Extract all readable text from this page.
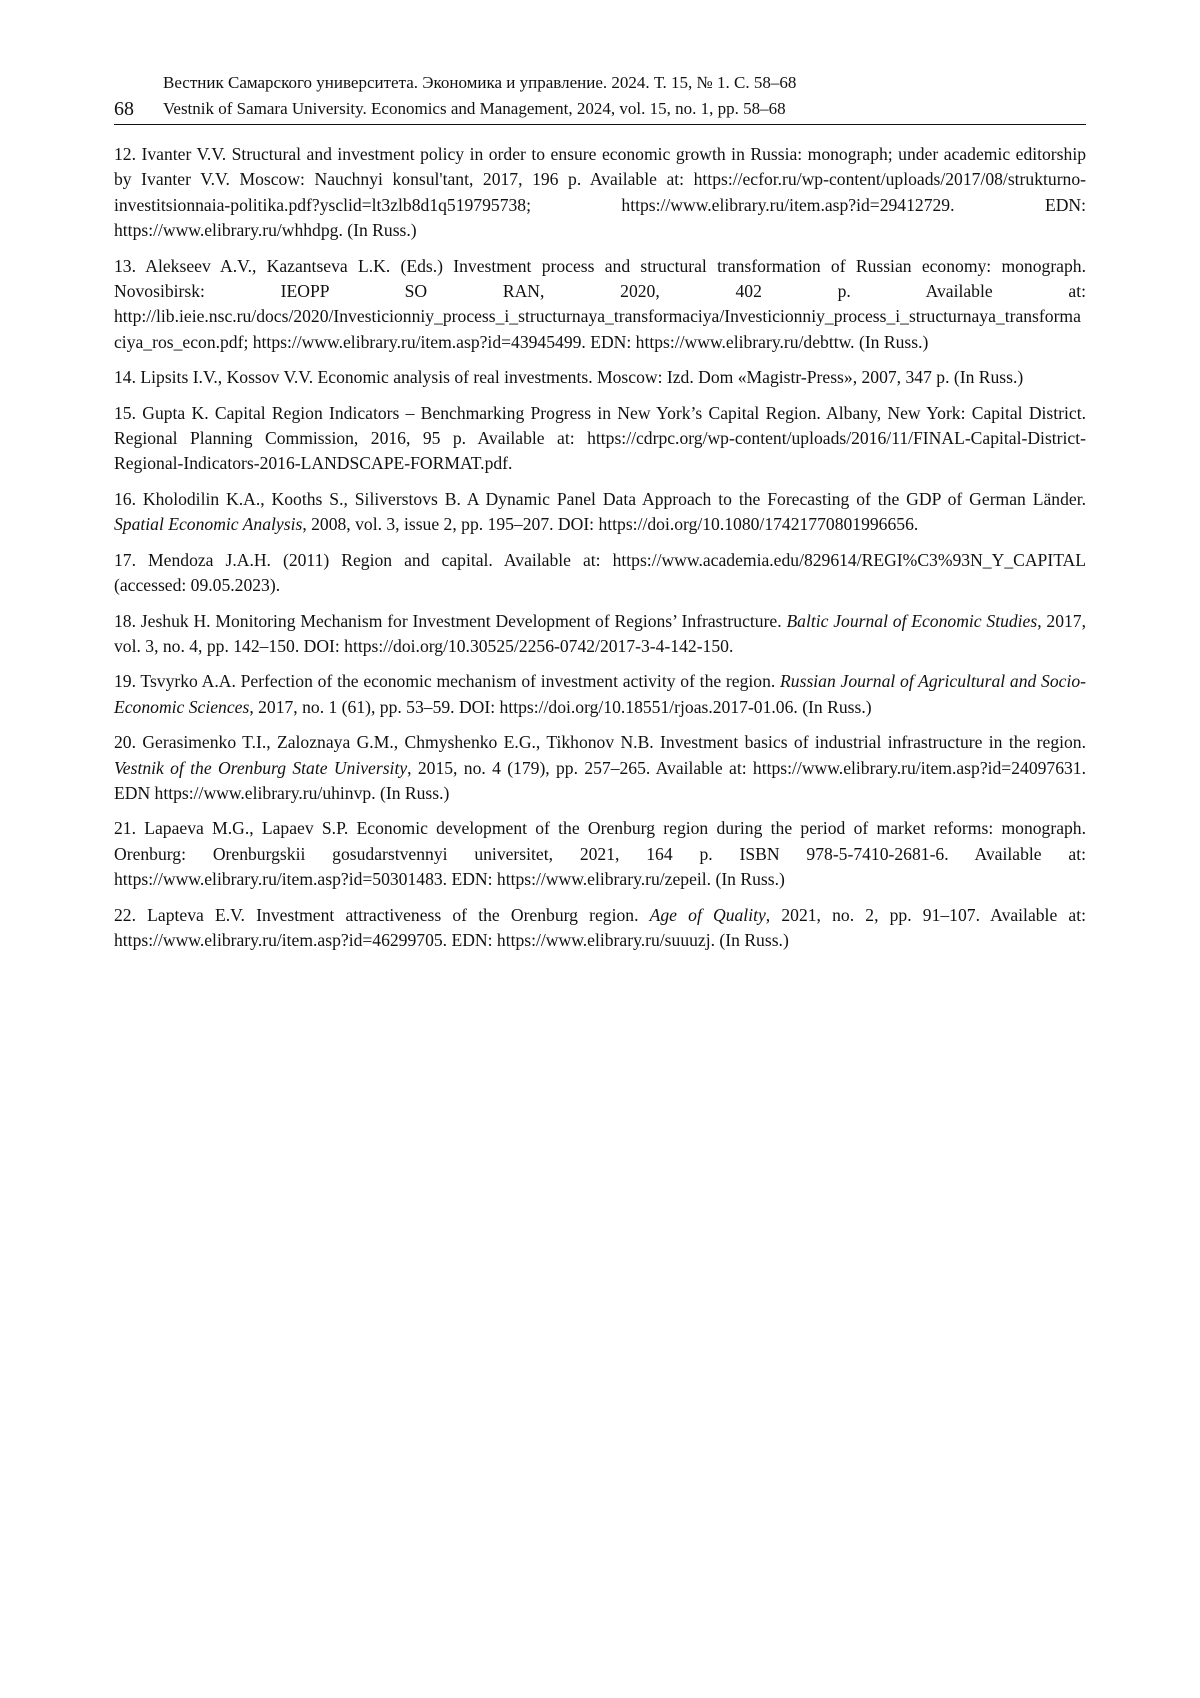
68
Вестник Самарского университета. Экономика и управление. 2024. Т. 15, № 1. С. 58–68
Vestnik of Samara University. Economics and Management, 2024, vol. 15, no. 1, pp. 58–68

12. Ivanter V.V. Structural and investment policy in order to ensure economic growth in Russia: monograph; under academic editorship by Ivanter V.V. Moscow: Nauchnyi konsul'tant, 2017, 196 p. Available at: https://ecfor.ru/wp-content/uploads/2017/08/strukturno-investitsionnaia-politika.pdf?ysclid=lt3zlb8d1q519795738; https://www.elibrary.ru/item.asp?id=29412729. EDN: https://www.elibrary.ru/whhdpg. (In Russ.)

13. Alekseev A.V., Kazantseva L.K. (Eds.) Investment process and structural transformation of Russian economy: monograph. Novosibirsk: IEOPP SO RAN, 2020, 402 p. Available at: http://lib.ieie.nsc.ru/docs/2020/Investicionniy_process_i_structurnaya_transformaciya/Investicionniy_process_i_structurnaya_transformaciya_ros_econ.pdf; https://www.elibrary.ru/item.asp?id=43945499. EDN: https://www.elibrary.ru/debttw. (In Russ.)

14. Lipsits I.V., Kossov V.V. Economic analysis of real investments. Moscow: Izd. Dom «Magistr-Press», 2007, 347 p. (In Russ.)

15. Gupta K. Capital Region Indicators – Benchmarking Progress in New York’s Capital Region. Albany, New York: Capital District. Regional Planning Commission, 2016, 95 p. Available at: https://cdrpc.org/wp-content/uploads/2016/11/FINAL-Capital-District-Regional-Indicators-2016-LANDSCAPE-FORMAT.pdf.

16. Kholodilin K.A., Kooths S., Siliverstovs B. A Dynamic Panel Data Approach to the Forecasting of the GDP of German Länder. Spatial Economic Analysis, 2008, vol. 3, issue 2, pp. 195–207. DOI: https://doi.org/10.1080/17421770801996656.

17. Mendoza J.A.H. (2011) Region and capital. Available at: https://www.academia.edu/829614/REGI%C3%93N_Y_CAPITAL (accessed: 09.05.2023).

18. Jeshuk H. Monitoring Mechanism for Investment Development of Regions’ Infrastructure. Baltic Journal of Economic Studies, 2017, vol. 3, no. 4, pp. 142–150. DOI: https://doi.org/10.30525/2256-0742/2017-3-4-142-150.

19. Tsvyrko A.A. Perfection of the economic mechanism of investment activity of the region. Russian Journal of Agricultural and Socio-Economic Sciences, 2017, no. 1 (61), pp. 53–59. DOI: https://doi.org/10.18551/rjoas.2017-01.06. (In Russ.)

20. Gerasimenko T.I., Zaloznaya G.M., Chmyshenko E.G., Tikhonov N.B. Investment basics of industrial infrastructure in the region. Vestnik of the Orenburg State University, 2015, no. 4 (179), pp. 257–265. Available at: https://www.elibrary.ru/item.asp?id=24097631. EDN https://www.elibrary.ru/uhinvp. (In Russ.)

21. Lapaeva M.G., Lapaev S.P. Economic development of the Orenburg region during the period of market reforms: monograph. Orenburg: Orenburgskii gosudarstvennyi universitet, 2021, 164 p. ISBN 978-5-7410-2681-6. Available at: https://www.elibrary.ru/item.asp?id=50301483. EDN: https://www.elibrary.ru/zepeil. (In Russ.)

22. Lapteva E.V. Investment attractiveness of the Orenburg region. Age of Quality, 2021, no. 2, pp. 91–107. Available at: https://www.elibrary.ru/item.asp?id=46299705. EDN: https://www.elibrary.ru/suuuzj. (In Russ.)
